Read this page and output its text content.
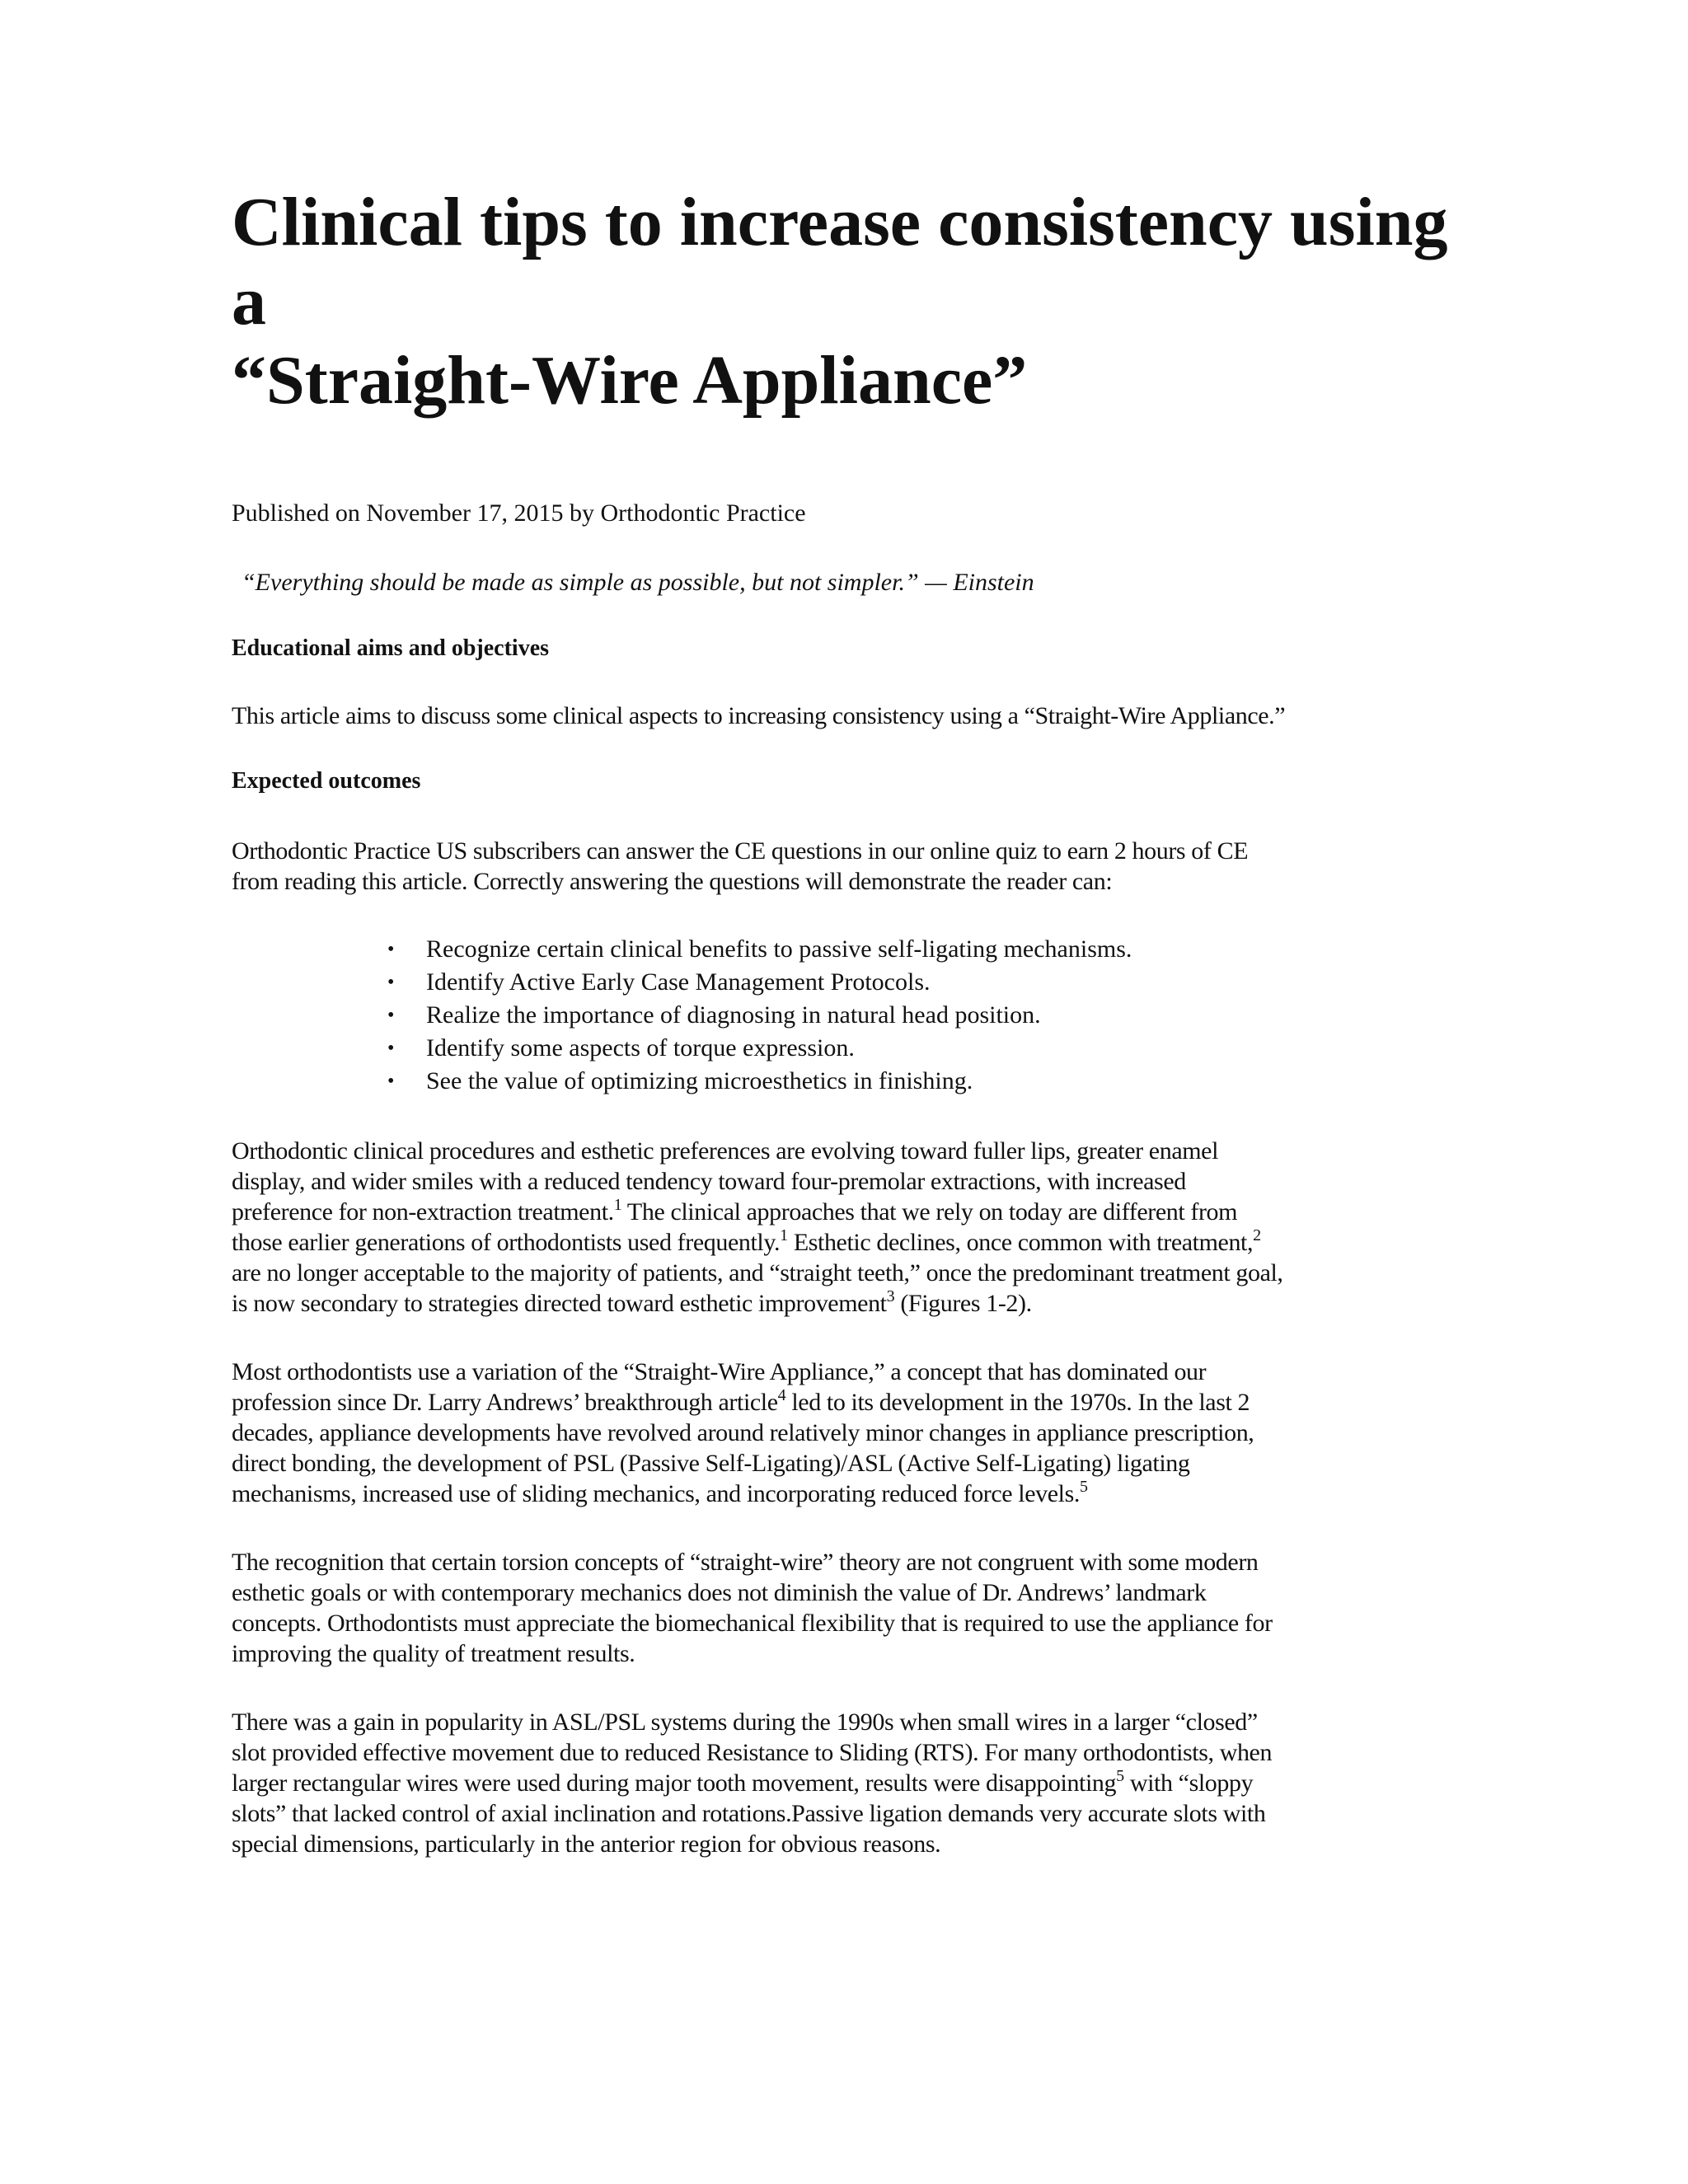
Clinical tips to increase consistency using a
“Straight-Wire Appliance”

Published on November 17, 2015 by Orthodontic Practice

“Everything should be made as simple as possible, but not simpler.” — Einstein

Educational aims and objectives

This article aims to discuss some clinical aspects to increasing consistency using a “Straight-Wire Appliance.”

Expected outcomes

Orthodontic Practice US subscribers can answer the CE questions in our online quiz to earn 2 hours of CE
from reading this article. Correctly answering the questions will demonstrate the reader can:

• Recognize certain clinical benefits to passive self-ligating mechanisms.
• Identify Active Early Case Management Protocols.
• Realize the importance of diagnosing in natural head position.
• Identify some aspects of torque expression.
• See the value of optimizing microesthetics in finishing.

Orthodontic clinical procedures and esthetic preferences are evolving toward fuller lips, greater enamel
display, and wider smiles with a reduced tendency toward four-premolar extractions, with increased
preference for non-extraction treatment.$^1$ The clinical approaches that we rely on today are different from
those earlier generations of orthodontists used frequently.$^1$ Esthetic declines, once common with treatment,$^2$
are no longer acceptable to the majority of patients, and “straight teeth,” once the predominant treatment goal,
is now secondary to strategies directed toward esthetic improvement$^3$ (Figures 1-2).

Most orthodontists use a variation of the “Straight-Wire Appliance,” a concept that has dominated our
profession since Dr. Larry Andrews’ breakthrough article$^4$ led to its development in the 1970s. In the last 2
decades, appliance developments have revolved around relatively minor changes in appliance prescription,
direct bonding, the development of PSL (Passive Self-Ligating)/ASL (Active Self-Ligating) ligating
mechanisms, increased use of sliding mechanics, and incorporating reduced force levels.$^5$

The recognition that certain torsion concepts of “straight-wire” theory are not congruent with some modern
esthetic goals or with contemporary mechanics does not diminish the value of Dr. Andrews’ landmark
concepts. Orthodontists must appreciate the biomechanical flexibility that is required to use the appliance for
improving the quality of treatment results.

There was a gain in popularity in ASL/PSL systems during the 1990s when small wires in a larger “closed”
slot provided effective movement due to reduced Resistance to Sliding (RTS). For many orthodontists, when
larger rectangular wires were used during major tooth movement, results were disappointing$^5$ with “sloppy
slots” that lacked control of axial inclination and rotations.Passive ligation demands very accurate slots with
special dimensions, particularly in the anterior region for obvious reasons.
